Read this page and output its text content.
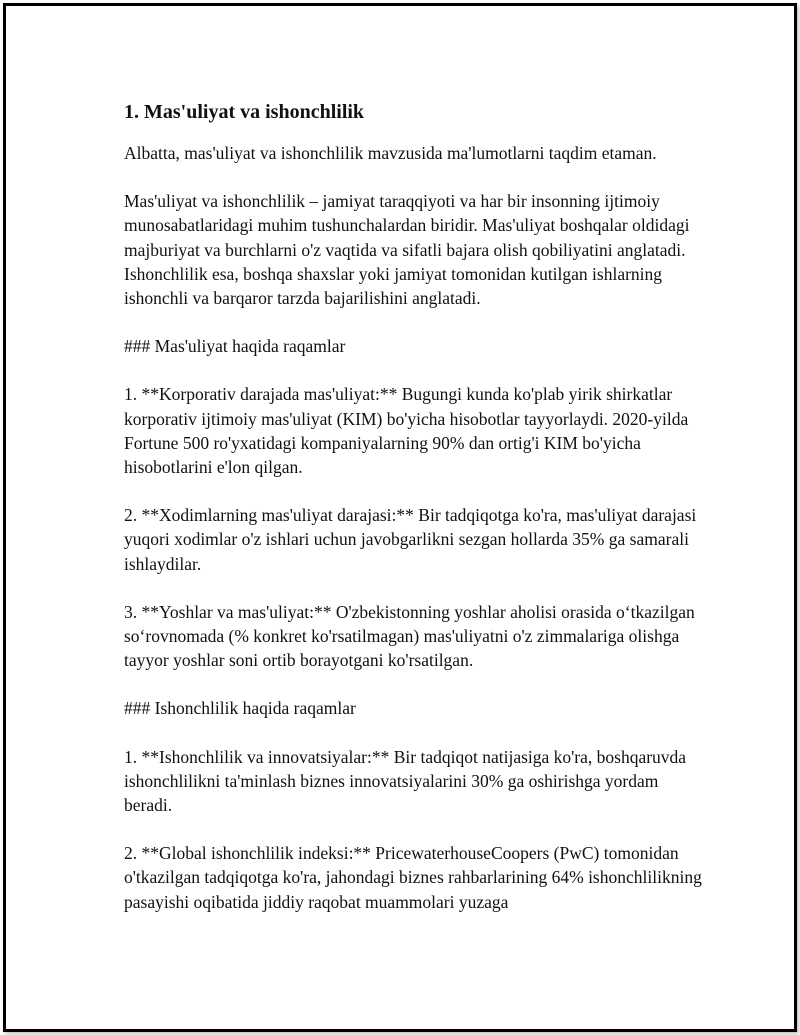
1. Mas'uliyat va ishonchlilik

Albatta, mas'uliyat va ishonchlilik mavzusida ma'lumotlarni taqdim etaman.

Mas'uliyat va ishonchlilik – jamiyat taraqqiyoti va har bir insonning ijtimoiy munosabatlaridagi muhim tushunchalardan biridir. Mas'uliyat boshqalar oldidagi majburiyat va burchlarni o'z vaqtida va sifatli bajara olish qobiliyatini anglatadi. Ishonchlilik esa, boshqa shaxslar yoki jamiyat tomonidan kutilgan ishlarning ishonchli va barqaror tarzda bajarilishini anglatadi.

### Mas'uliyat haqida raqamlar

1. **Korporativ darajada mas'uliyat:** Bugungi kunda ko'plab yirik shirkatlar korporativ ijtimoiy mas'uliyat (KIM) bo'yicha hisobotlar tayyorlaydi. 2020-yilda Fortune 500 ro'yxatidagi kompaniyalarning 90% dan ortig'i KIM bo'yicha hisobotlarini e'lon qilgan.

2. **Xodimlarning mas'uliyat darajasi:** Bir tadqiqotga ko'ra, mas'uliyat darajasi yuqori xodimlar o'z ishlari uchun javobgarlikni sezgan hollarda 35% ga samarali ishlaydilar.

3. **Yoshlar va mas'uliyat:** O'zbekistonning yoshlar aholisi orasida o‘tkazilgan so‘rovnomada (% konkret ko'rsatilmagan) mas'uliyatni o'z zimmalariga olishga tayyor yoshlar soni ortib borayotgani ko'rsatilgan.

### Ishonchlilik haqida raqamlar

1. **Ishonchlilik va innovatsiyalar:** Bir tadqiqot natijasiga ko'ra, boshqaruvda ishonchlilikni ta'minlash biznes innovatsiyalarini 30% ga oshirishga yordam beradi.

2. **Global ishonchlilik indeksi:** PricewaterhouseCoopers (PwC) tomonidan o'tkazilgan tadqiqotga ko'ra, jahondagi biznes rahbarlarining 64% ishonchlilikning pasayishi oqibatida jiddiy raqobat muammolari yuzaga
